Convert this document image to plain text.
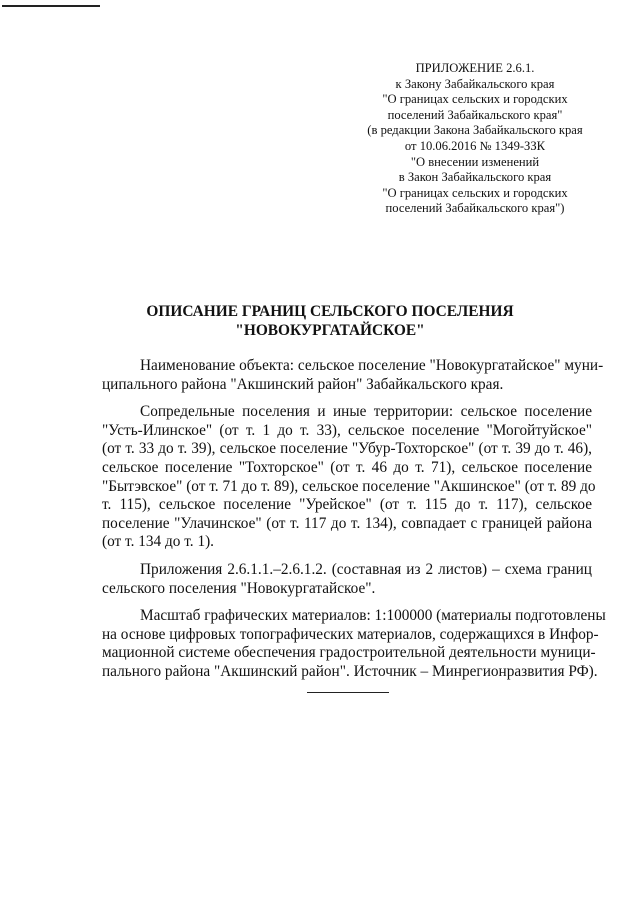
ПРИЛОЖЕНИЕ 2.6.1.
к Закону Забайкальского края
"О границах сельских и городских
поселений Забайкальского края"
(в редакции Закона Забайкальского края
от 10.06.2016 № 1349-ЗЗК
"О внесении изменений
в Закон Забайкальского края
"О границах сельских и городских
поселений Забайкальского края")
ОПИСАНИЕ ГРАНИЦ СЕЛЬСКОГО ПОСЕЛЕНИЯ
"НОВОКУРГАТАЙСКОЕ"
Наименование объекта: сельское поселение "Новокургатайское" муни-
ципального района "Акшинский район" Забайкальского края.
Сопредельные поселения и иные территории: сельское поселение
"Усть-Илинское" (от т. 1 до т. 33), сельское поселение "Могойтуйское"
(от т. 33 до т. 39), сельское поселение "Убур-Тохторское" (от т. 39 до т. 46),
сельское поселение "Тохторское" (от т. 46 до т. 71), сельское поселение
"Бытэвское" (от т. 71 до т. 89), сельское поселение "Акшинское" (от т. 89 до
т. 115), сельское поселение "Урейское" (от т. 115 до т. 117), сельское
поселение "Улачинское" (от т. 117 до т. 134), совпадает с границей района
(от т. 134 до т. 1).
Приложения 2.6.1.1.–2.6.1.2. (составная из 2 листов) – схема границ
сельского поселения "Новокургатайское".
Масштаб графических материалов: 1:100000 (материалы подготовлены
на основе цифровых топографических материалов, содержащихся в Инфор-
мационной системе обеспечения градостроительной деятельности муници-
пального района "Акшинский район". Источник – Минрегионразвития РФ).
